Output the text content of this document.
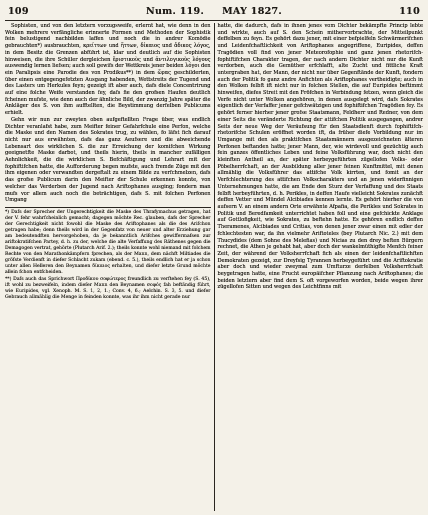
109	Num. 119. MAY 1827.	110

Sophisten, und von den letztern vorzugsweife, erlernt hat, wie denn in den Wolken mehrere verfängliche erinnerte Formen und Methoden der Sophistik fein belustigend nachbilden laffen und noch die in andrer Komödie gebrauchten*) ausbrauchten, κρείττων und ἥττων, δίκαιος und ἄδικος λόγος, in dem Besitz die Grenzen abführt ist, klar und deutlich auf die Sophisten hinweisen, die ihre Schüler dergleichen ἔριστικοὺς und ἀντιλογικοὺς λόγους auswendig lernen liefsen; auch soll gewifs der Wettkreis jener beiden λόγοι den ein Paralipsis eine Parodie des von Prodikus**) in dem ὥρας geschilderten, über einen entgegengefetzten Ausgang habenden, Wettstreits der Tugend und des Lasters um Herkules feyn; gezeigt ift aber auch, dafs diele Concentrirung auf eine folche Weife verstanden fey, dafs fie den grofsen Haufen deutlich fcheinen mufste, wie denn auch der ähnliche Bild, der zwanzig Jahre später die Ankläger des S. von ihm aufftellten, die Beystimmung derfelben Publicums erhielt.

Gehn wir nun zur zweyten oben aufgeftellten Frage über, was endlich Dichter veranlafst habe, zum Meifter feiner Gefahrfchule eine Perfon, welche die Maske und den Namen des Sokrates trug, zu wählen, fo läfst fich darauf nicht nur aus erwähnten, dafs das ganz Aeufsere und die abweichende Lebensart des wirklichen S. die zur Erreichung der komifchen Wirkung geeignetfte Maske darbot, und theils hierin, theils in mancher zufälligen Aehnlichkeit, die die wirklichen S. Befchäftigung und Lehrart mit der fophiftifchen hatte, die Aufforderung begen mufste, auch fremde Züge mit den ihm eigenen oder verwandten dergeftalt zu einem Bilde zu verfchmelzen, dafs das grofse Publicum darin den Meifter der Schule erkennen konnte, von welcher das Verderben der Jugend nach Ariftophanes ausging; fondern man mufs vor allem auch noch die beträchtigen, dafs S. mit folchen Perfonen Umgang

*) Dafs der Sprecher der Ungerechtigkeit die Maske des Thrafymachus getragen, hat der V. fehr wahrfcheinlich gemacht; dagegen möchte Rec. glauben, dafs der Sprecher der Gerechtigkeit nicht fowohl die Maske des Ariftophanes als die des Arifchon getragen habe; denn theils wird in der Gegenfatz von neuer und alter Erziehung gar am bedeutendften hervorgehoben, da je bekanntlich Arifches gewiffermafsen zur ariftokratifchen Partey, d. h. zu der, welche die alte Verfaffung des Räthenes gegen die Demagogen vertrat, gehörte (Plutarch Arif. 2.); theils konnte wohl niemand mit folchem Rechte von den Marathonkämpfern fprechen, als der Mann, dem nächft Miltiades die gröfste Verdienft in diefer Schlacht zukam (ebend. c. 5.), theils endlich hat er ja schon unter allen Helleren den Beynamen δίκαιος erhalten, und diefer letzte Grund möchte allein fchon entfcheiden.

**) Dafs auch das Sprichwort Προδίκου σοφώτερος freundlich zu verftehen fey (S. 45), ift wohl zu bezweifeln, indem dieſer Mann den Beynamen σοφός fah beftändig führt, wie Euripides, vgl. Xenoph. M. S. 1, 2, 1.; Conv. 4, 6.; Aelchin. S. 3, 5. und diefer Gebrauch allmählig die Menge in feinden konnte, was ihr ihm nicht gerade nur

hatte, die dadurch, dafs in ihnen jenes vom Dichter bekämpfte Princip lebte und wirkte, auch auf S. den Schein mithervorbrachte, der Mitteilpunkt deffelben zu feyn. Es gehört dazu jener, mit einer befpielfeln Schwärmerifchen und Leidenfchaftlichkeit von Ariftophanes angegriffene, Euripides, deffen Tragödien voll find von jener Meteorofophie und ganz jenen rhetorifch-fophiftifchen Charakter tragen, der nach andern Dichter nicht nur die Kunft verdorben, auch die Gemüther erfchlafft, alte Zucht und fittliche Kraft untergraben hat, der Mann, der nicht nur über Gegenftände der Kunft, fondern auch der Politik fo ganz andre Anfichten als Ariftophanes vertheidigte; auch in den Wolken felbft ift nicht nur in folchen Stellen, die auf Euripides beftimmt hinweifen, diefes Streit mit den Fröfchen in Verbindung fetzen, wenn gleich die Verfe nicht unter Wolken angehören, in denen ausgelegt wird, dafs Sokrates eigentlich der Verfaffer jener gefchwätzigen und fophiftifchen Tragödien fey. Es gehört ferner hierher jener grofse Staatsmann, Feldherr und Redner, von dem einer Seits die veränderte Richtung der attifchen Politik ausgegangen, andrer Seits der neue Weg der Veräufsung für den Staatsdienft durch fophiftifch-rhetorifche Schulen eröffnet worden ift, da früher diefe Vorbildung nur im Umgange mit den als praktifchen Staatsmännern ausgezeichneten älteren Perfonen beftanden hatte; jener Mann, der, wie wirdevoll und gezüchtig auch fein ganzes öffentliches Leben und feine Volksführung war, doch nicht den kleinften Antheil an, der später herbeygeführten zügellofen Volks- oder Pöbelherrfchaft, an der Ausbildung aller jener feinen Kunftmittel, mit denen allmählig die Volksführer das attifche Volk kirrten, und fomit an der Verfchlechterung des attifchen Volkscharakters und an jenen widerfinnigen Unternehmungen hatte, die am Ende den Sturz der Verfaffung und des Staats felbft herbeyführten, d. h. Perikles, in deffen Haufe vielleicht Sokrates zunächft deffen Vetter und Mündel Alcibiades kennen lernte. Es gehört hierher die von aufsern V. an einem andern Orte erwähnte Afpafia, die Perikles und Sokrates in Politik und Beredfamkeit unterrichtet haben foll und eine gefchickte Anklage auf Gottlofigkeit, wie Sokrates, zu beftehn hatte. Es gehören endlich deffen Theramenes, Alcibiades und Critias, von denen jener zwar einen mit edler der fchlechtesten war, da ihn vielmehr Ariftoteles (bey Plutarch Nic. 2.) mit dem Thucydides (dem Sohne des Melefias) und Nicias zu den drey beften Bürgern rechnet, die Athen je gehabt hat, aber doch der wankelmüthigfte Menfch feiner Zeit, der während der Volksherrfchaft fich als einen der leidenfchaftlichften Demokraten gezeigt, zur Dreyfsig Tyrannen herbeygeführt und die Ariftokratie aber doch und wieder zweymal zum Umfturze derfelben Volksherrfchaft beygetragen hatte, eine Frucht europäifcher Pflanzung nach Ariftophanes; die beiden letztern aber find dem S. oft vorgeworfen worden, beide wegen ihrer zügellofen Sitten und wegen des Leichtfinns mit
